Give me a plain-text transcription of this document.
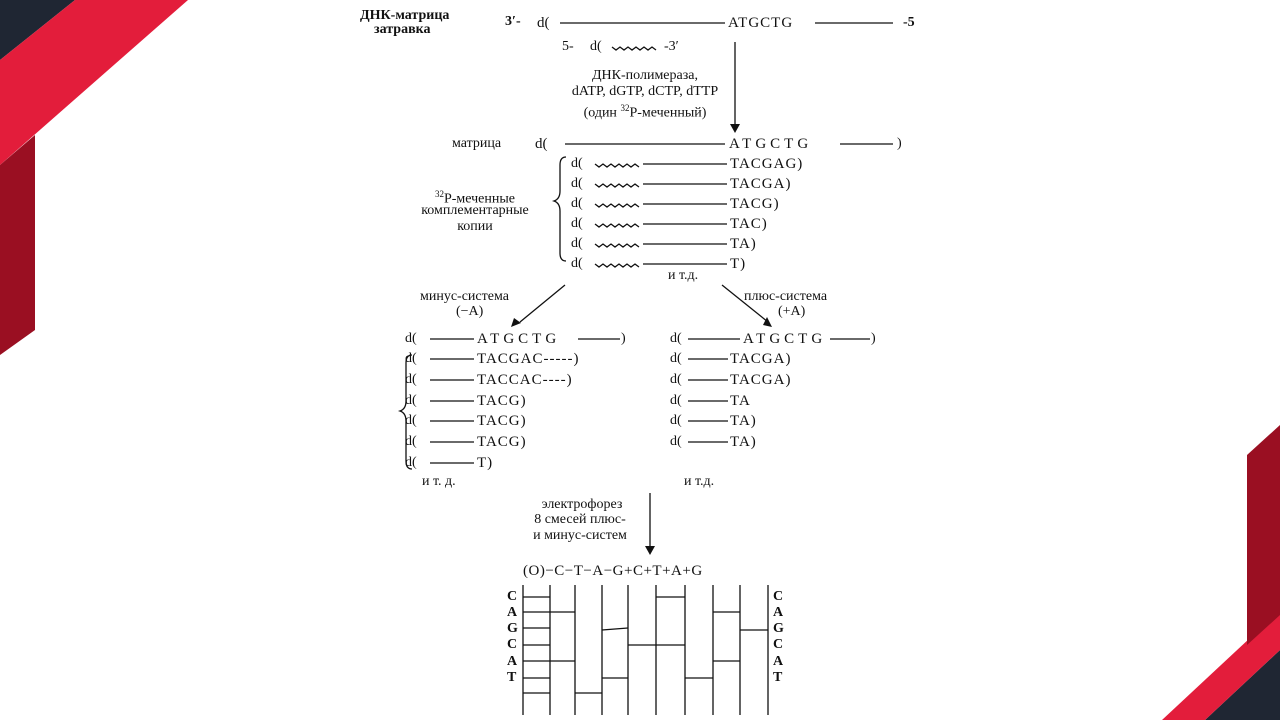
ДНК-матрица
затравка
3′- d(	ATGCTG	-5
5- d(	-3′
ДНК-полимераза,
dATP, dGTP, dCTP, dTTP
(один $^{32}$P-меченный)
матрица d(	ATGCTG	)
$^{32}$P-меченные
комплементарные
копии
d(	TACGAG)
d(	TACGA)
d(	TACG)
d(	TAC)
d(	TA)
d(	T)
и т.д.
минус-система
(−A)
d(	ATGCTG	)
d(	TACGAC-----)
d(	TACCAC----)
d(	TACG)
d(	TACG)
d(	TACG)
d(	T)
и т. д.
плюс-система
(+A)
d(	ATGCTG	)
d(	TACGA)
d(	TACGA)
d(	TA
d(	TA)
d(	TA)
и т.д.
электрофорез
8 смесей плюс-
и минус-систем
(O)−C−T−A−G+C+T+A+G
C
A
G
C
A
T
C
A
G
C
A
T
